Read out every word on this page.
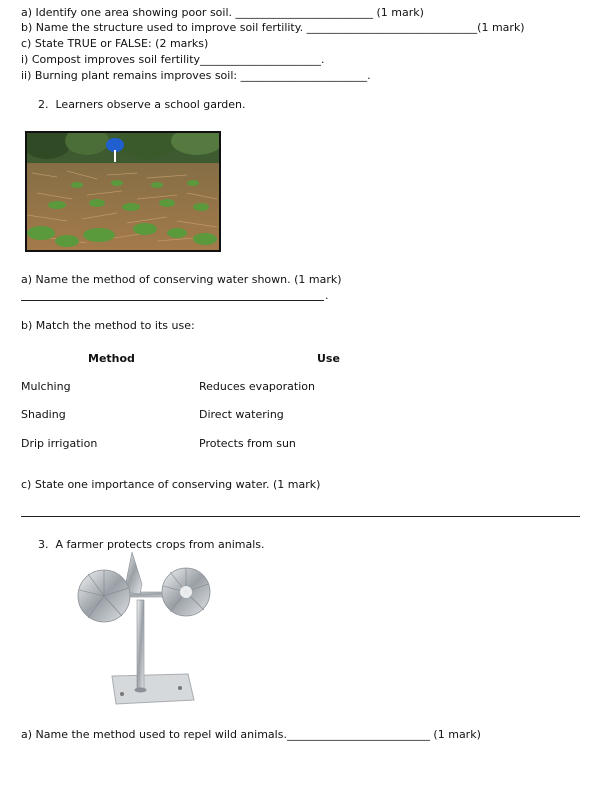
a) Identify one area showing poor soil. _________________________ (1 mark)
b) Name the structure used to improve soil fertility. _______________________________(1 mark)
c) State TRUE or FALSE: (2 marks)
i) Compost improves soil fertility______________________.
ii) Burning plant remains improves soil: _______________________.
2.  Learners observe a school garden.
a) Name the method of conserving water shown. (1 mark)
.
b) Match the method to its use:
Method	Use
Mulching	Reduces evaporation
Shading	Direct watering
Drip irrigation	Protects from sun
c) State one importance of conserving water. (1 mark)
3.  A farmer protects crops from animals.
a) Name the method used to repel wild animals.__________________________ (1 mark)
